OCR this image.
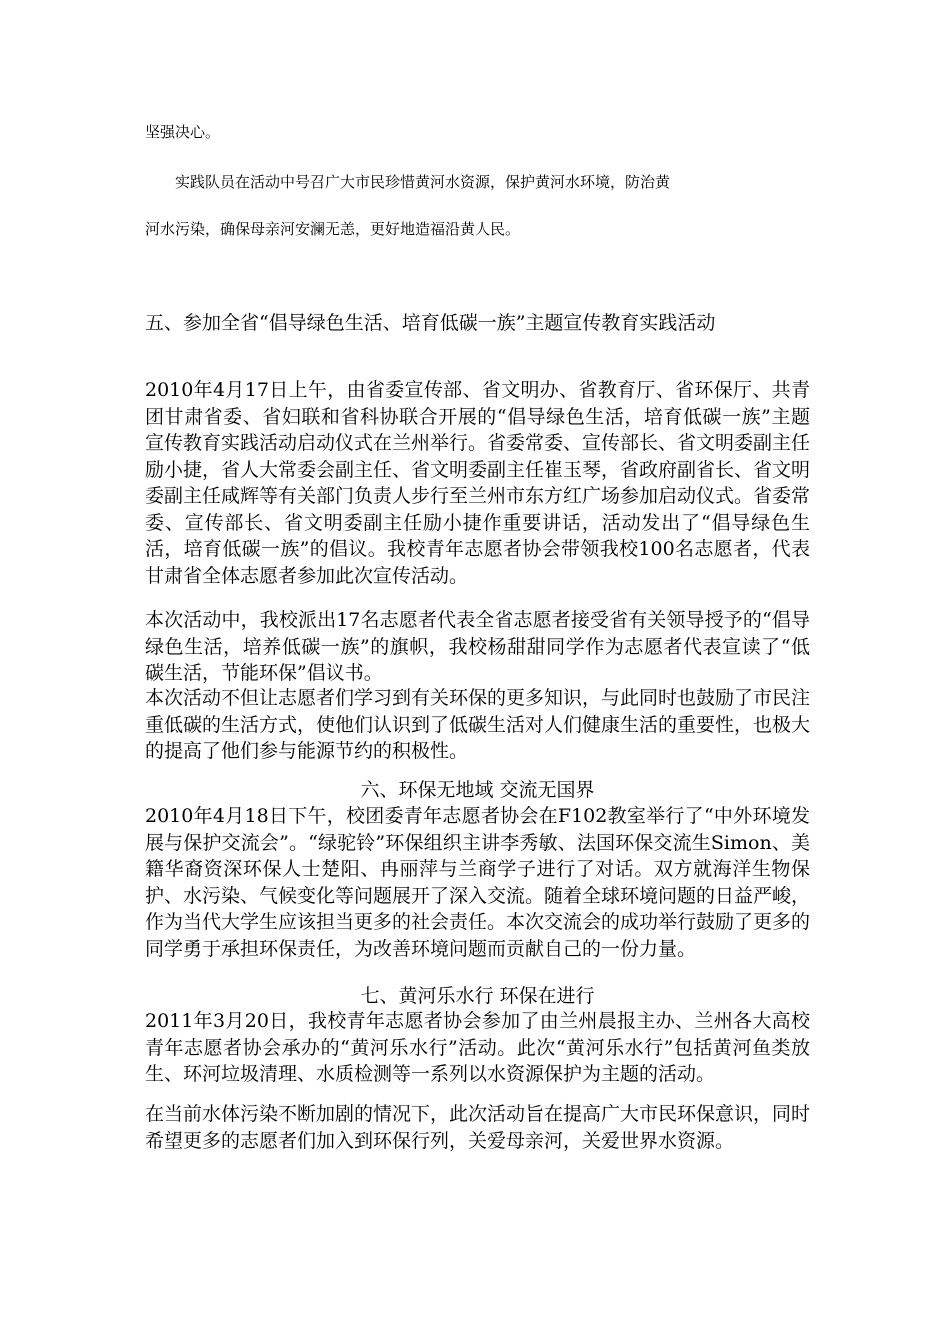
坚强决心。

实践队员在活动中号召广大市民珍惜黄河水资源，保护黄河水环境，防治黄
河水污染，确保母亲河安澜无恙，更好地造福沿黄人民。

五、参加全省“倡导绿色生活、培育低碳一族”主题宣传教育实践活动

2010年4月17日上午，由省委宣传部、省文明办、省教育厅、省环保厅、共青团甘肃省委、省妇联和省科协联合开展的“倡导绿色生活，培育低碳一族”主题宣传教育实践活动启动仪式在兰州举行。省委常委、宣传部长、省文明委副主任励小捷，省人大常委会副主任、省文明委副主任崔玉琴，省政府副省长、省文明委副主任咸辉等有关部门负责人步行至兰州市东方红广场参加启动仪式。省委常委、宣传部长、省文明委副主任励小捷作重要讲话，活动发出了“倡导绿色生活，培育低碳一族”的倡议。我校青年志愿者协会带领我校100名志愿者，代表甘肃省全体志愿者参加此次宣传活动。

本次活动中，我校派出17名志愿者代表全省志愿者接受省有关领导授予的“倡导绿色生活，培养低碳一族”的旗帜，我校杨甜甜同学作为志愿者代表宣读了“低碳生活，节能环保”倡议书。

本次活动不但让志愿者们学习到有关环保的更多知识，与此同时也鼓励了市民注重低碳的生活方式，使他们认识到了低碳生活对人们健康生活的重要性，也极大的提高了他们参与能源节约的积极性。

六、环保无地域 交流无国界

2010年4月18日下午，校团委青年志愿者协会在F102教室举行了“中外环境发展与保护交流会”。“绿驼铃”环保组织主讲李秀敏、法国环保交流生Simon、美籍华裔资深环保人士楚阳、冉丽萍与兰商学子进行了对话。双方就海洋生物保护、水污染、气候变化等问题展开了深入交流。随着全球环境问题的日益严峻，作为当代大学生应该担当更多的社会责任。本次交流会的成功举行鼓励了更多的同学勇于承担环保责任，为改善环境问题而贡献自己的一份力量。

七、黄河乐水行 环保在进行

2011年3月20日，我校青年志愿者协会参加了由兰州晨报主办、兰州各大高校青年志愿者协会承办的“黄河乐水行”活动。此次“黄河乐水行”包括黄河鱼类放生、环河垃圾清理、水质检测等一系列以水资源保护为主题的活动。

在当前水体污染不断加剧的情况下，此次活动旨在提高广大市民环保意识，同时希望更多的志愿者们加入到环保行列，关爱母亲河，关爱世界水资源。
